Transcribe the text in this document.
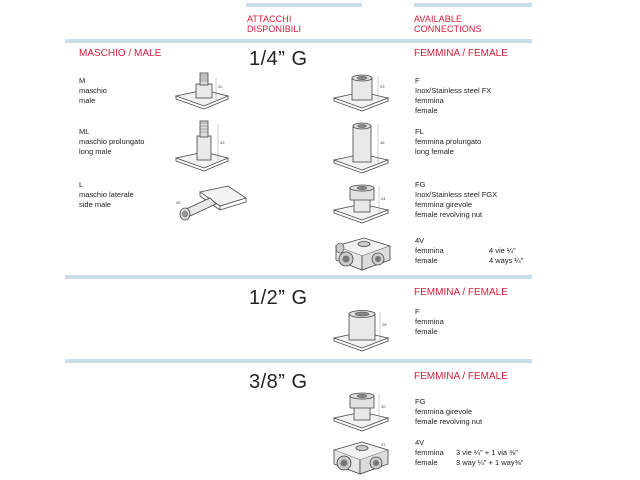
ATTACCHI
DISPONIBILI
AVAILABLE
CONNECTIONS
MASCHIO / MALE	1/4” G	FEMMINA / FEMALE
M
maschio
male
ML
maschio prolungato
long male
L
maschio laterale
side male
F
Inox/Stainless steel FX
femmina
female
FL
femmina prolungato
long female
FG
Inox/Stainless steel FGX
femmina girevole
female revolving nut
4V
femmina
female
4 vie ¼”
4 ways ¼”
1/2” G	FEMMINA / FEMALE
F
femmina
female
3/8” G	FEMMINA / FEMALE
FG
femmina girevole
female revolving nut
4V
femmina
female
3 vie ¼” + 1 via ⅜”
3 way ¼” + 1 way⅜”
20
43
26
23
36
24
28
30
37
